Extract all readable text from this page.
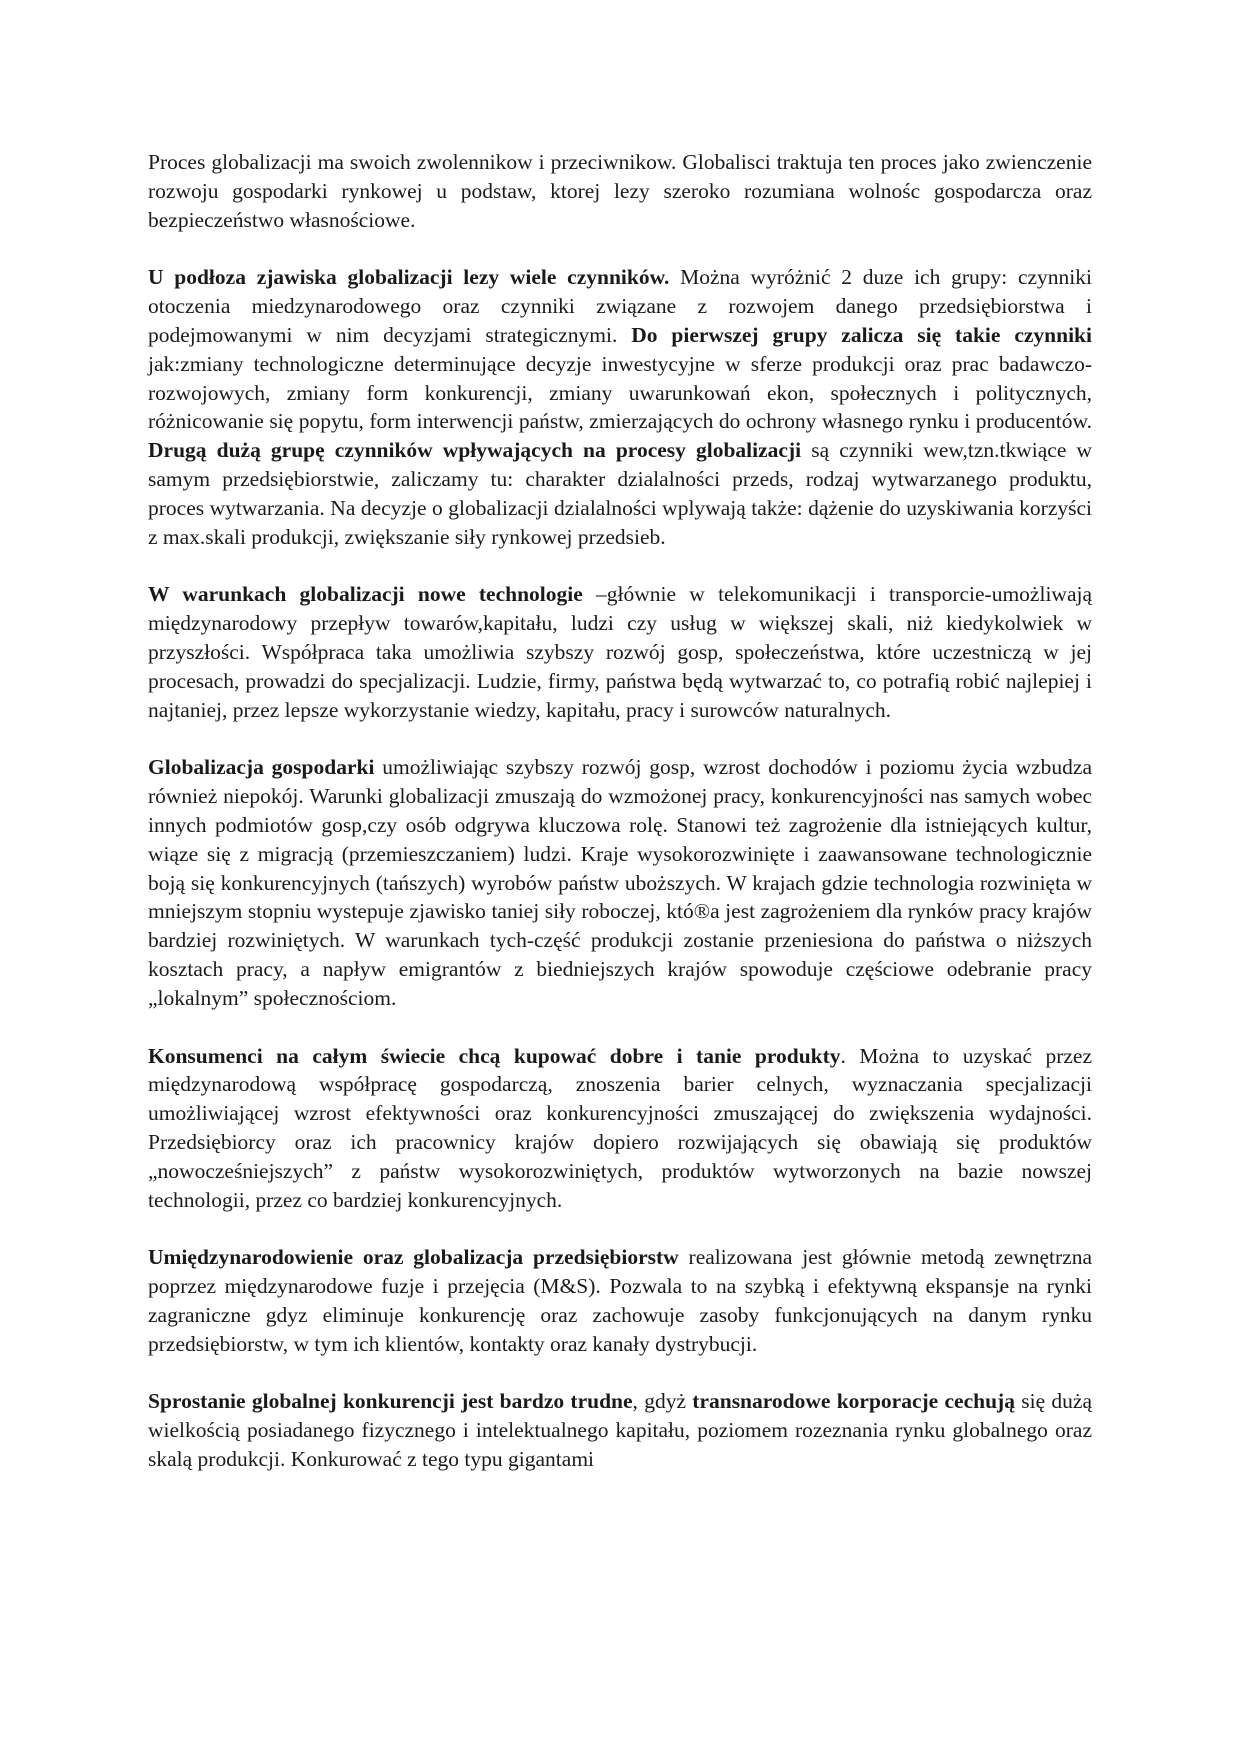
Proces globalizacji ma swoich zwolennikow i przeciwnikow. Globalisci traktuja ten proces jako zwienczenie rozwoju gospodarki rynkowej u podstaw, ktorej lezy szeroko rozumiana wolnośc gospodarcza oraz bezpieczeństwo własnościowe.

U podłoza zjawiska globalizacji lezy wiele czynników. Można wyróżnić 2 duze ich grupy: czynniki otoczenia miedzynarodowego oraz czynniki związane z rozwojem danego przedsiębiorstwa i podejmowanymi w nim decyzjami strategicznymi. Do pierwszej grupy zalicza się takie czynniki jak:zmiany technologiczne determinujące decyzje inwestycyjne w sferze produkcji oraz prac badawczo-rozwojowych, zmiany form konkurencji, zmiany uwarunkowań ekon, społecznych i politycznych, różnicowanie się popytu, form interwencji państw, zmierzających do ochrony własnego rynku i producentów. Drugą dużą grupę czynników wpływających na procesy globalizacji są czynniki wew,tzn.tkwiące w samym przedsiębiorstwie, zaliczamy tu: charakter dzialalności przeds, rodzaj wytwarzanego produktu, proces wytwarzania. Na decyzje o globalizacji dzialalności wplywają także: dążenie do uzyskiwania korzyści z max.skali produkcji, zwiększanie siły rynkowej przedsieb.

W warunkach globalizacji nowe technologie –głównie w telekomunikacji i transporcie-umożliwają międzynarodowy przepływ towarów,kapitału, ludzi czy usług w większej skali, niż kiedykolwiek w przyszłości. Współpraca taka umożliwia szybszy rozwój gosp, społeczeństwa, które uczestniczą w jej procesach, prowadzi do specjalizacji. Ludzie, firmy, państwa będą wytwarzać to, co potrafią robić najlepiej i najtaniej, przez lepsze wykorzystanie wiedzy, kapitału, pracy i surowców naturalnych.

Globalizacja gospodarki umożliwiając szybszy rozwój gosp, wzrost dochodów i poziomu życia wzbudza również niepokój. Warunki globalizacji zmuszają do wzmożonej pracy, konkurencyjności nas samych wobec innych podmiotów gosp,czy osób odgrywa kluczowa rolę. Stanowi też zagrożenie dla istniejących kultur, wiąze się z migracją (przemieszczaniem) ludzi. Kraje wysokorozwinięte i zaawansowane technologicznie boją się konkurencyjnych (tańszych) wyrobów państw uboższych. W krajach gdzie technologia rozwinięta w mniejszym stopniu wystepuje zjawisko taniej siły roboczej, któ®a jest zagrożeniem dla rynków pracy krajów bardziej rozwiniętych. W warunkach tych-część produkcji zostanie przeniesiona do państwa o niższych kosztach pracy, a napływ emigrantów z biedniejszych krajów spowoduje częściowe odebranie pracy „lokalnym” społecznościom.

Konsumenci na całym świecie chcą kupować dobre i tanie produkty. Można to uzyskać przez międzynarodową współpracę gospodarczą, znoszenia barier celnych, wyznaczania specjalizacji umożliwiającej wzrost efektywności oraz konkurencyjności zmuszającej do zwiększenia wydajności. Przedsiębiorcy oraz ich pracownicy krajów dopiero rozwijających się obawiają się produktów „nowocześniejszych” z państw wysokorozwiniętych, produktów wytworzonych na bazie nowszej technologii, przez co bardziej konkurencyjnych.

Umiędzynarodowienie oraz globalizacja przedsiębiorstw realizowana jest głównie metodą zewnętrzna poprzez międzynarodowe fuzje i przejęcia (M&S). Pozwala to na szybką i efektywną ekspansje na rynki zagraniczne gdyz eliminuje konkurencję oraz zachowuje zasoby funkcjonujących na danym rynku przedsiębiorstw, w tym ich klientów, kontakty oraz kanały dystrybucji.

Sprostanie globalnej konkurencji jest bardzo trudne, gdyż transnarodowe korporacje cechują się dużą wielkością posiadanego fizycznego i intelektualnego kapitału, poziomem rozeznania rynku globalnego oraz skalą produkcji. Konkurować z tego typu gigantami
